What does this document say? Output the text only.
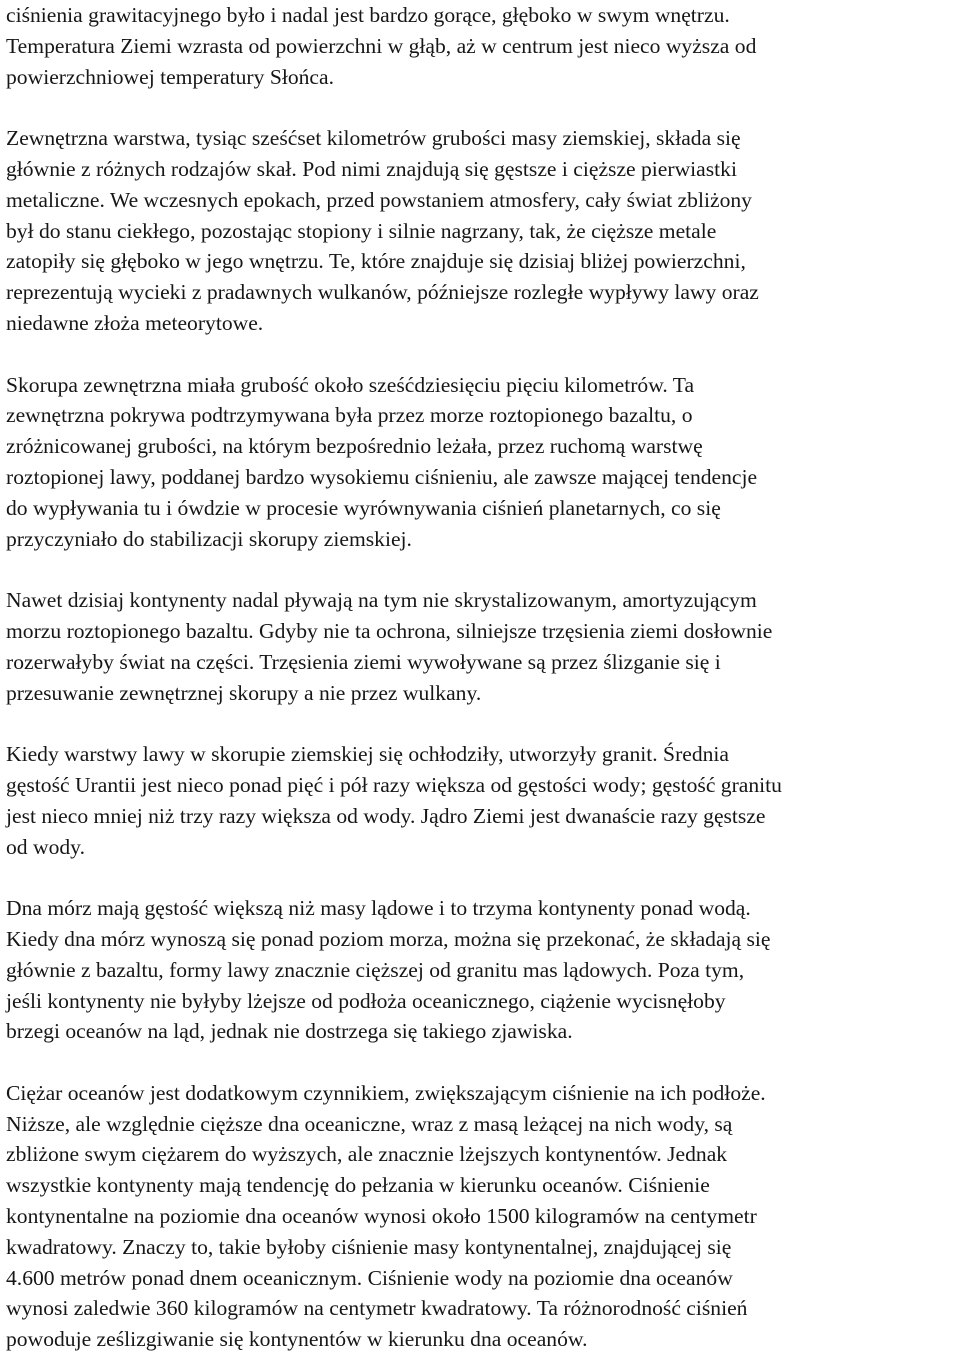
ciśnienia grawitacyjnego było i nadal jest bardzo gorące, głęboko w swym wnętrzu.
Temperatura Ziemi wzrasta od powierzchni w głąb, aż w centrum jest nieco wyższa od
powierzchniowej temperatury Słońca.

Zewnętrzna warstwa, tysiąc sześćset kilometrów grubości masy ziemskiej, składa się
głównie z różnych rodzajów skał. Pod nimi znajdują się gęstsze i cięższe pierwiastki
metaliczne. We wczesnych epokach, przed powstaniem atmosfery, cały świat zbliżony
był do stanu ciekłego, pozostając stopiony i silnie nagrzany, tak, że cięższe metale
zatopiły się głęboko w jego wnętrzu. Te, które znajduje się dzisiaj bliżej powierzchni,
reprezentują wycieki z pradawnych wulkanów, późniejsze rozległe wypływy lawy oraz
niedawne złoża meteorytowe.

Skorupa zewnętrzna miała grubość około sześćdziesięciu pięciu kilometrów. Ta
zewnętrzna pokrywa podtrzymywana była przez morze roztopionego bazaltu, o
zróżnicowanej grubości, na którym bezpośrednio leżała, przez ruchomą warstwę
roztopionej lawy, poddanej bardzo wysokiemu ciśnieniu, ale zawsze mającej tendencje
do wypływania tu i ówdzie w procesie wyrównywania ciśnień planetarnych, co się
przyczyniało do stabilizacji skorupy ziemskiej.

Nawet dzisiaj kontynenty nadal pływają na tym nie skrystalizowanym, amortyzującym
morzu roztopionego bazaltu. Gdyby nie ta ochrona, silniejsze trzęsienia ziemi dosłownie
rozerwałyby świat na części. Trzęsienia ziemi wywoływane są przez ślizganie się i
przesuwanie zewnętrznej skorupy a nie przez wulkany.

Kiedy warstwy lawy w skorupie ziemskiej się ochłodziły, utworzyły granit. Średnia
gęstość Urantii jest nieco ponad pięć i pół razy większa od gęstości wody; gęstość granitu
jest nieco mniej niż trzy razy większa od wody. Jądro Ziemi jest dwanaście razy gęstsze
od wody.

Dna mórz mają gęstość większą niż masy lądowe i to trzyma kontynenty ponad wodą.
Kiedy dna mórz wynoszą się ponad poziom morza, można się przekonać, że składają się
głównie z bazaltu, formy lawy znacznie cięższej od granitu mas lądowych. Poza tym,
jeśli kontynenty nie byłyby lżejsze od podłoża oceanicznego, ciążenie wycisnęłoby
brzegi oceanów na ląd, jednak nie dostrzega się takiego zjawiska.

Ciężar oceanów jest dodatkowym czynnikiem, zwiększającym ciśnienie na ich podłoże.
Niższe, ale względnie cięższe dna oceaniczne, wraz z masą leżącej na nich wody, są
zbliżone swym ciężarem do wyższych, ale znacznie lżejszych kontynentów. Jednak
wszystkie kontynenty mają tendencję do pełzania w kierunku oceanów. Ciśnienie
kontynentalne na poziomie dna oceanów wynosi około 1500 kilogramów na centymetr
kwadratowy. Znaczy to, takie byłoby ciśnienie masy kontynentalnej, znajdującej się
4.600 metrów ponad dnem oceanicznym. Ciśnienie wody na poziomie dna oceanów
wynosi zaledwie 360 kilogramów na centymetr kwadratowy. Ta różnorodność ciśnień
powoduje ześlizgiwanie się kontynentów w kierunku dna oceanów.
